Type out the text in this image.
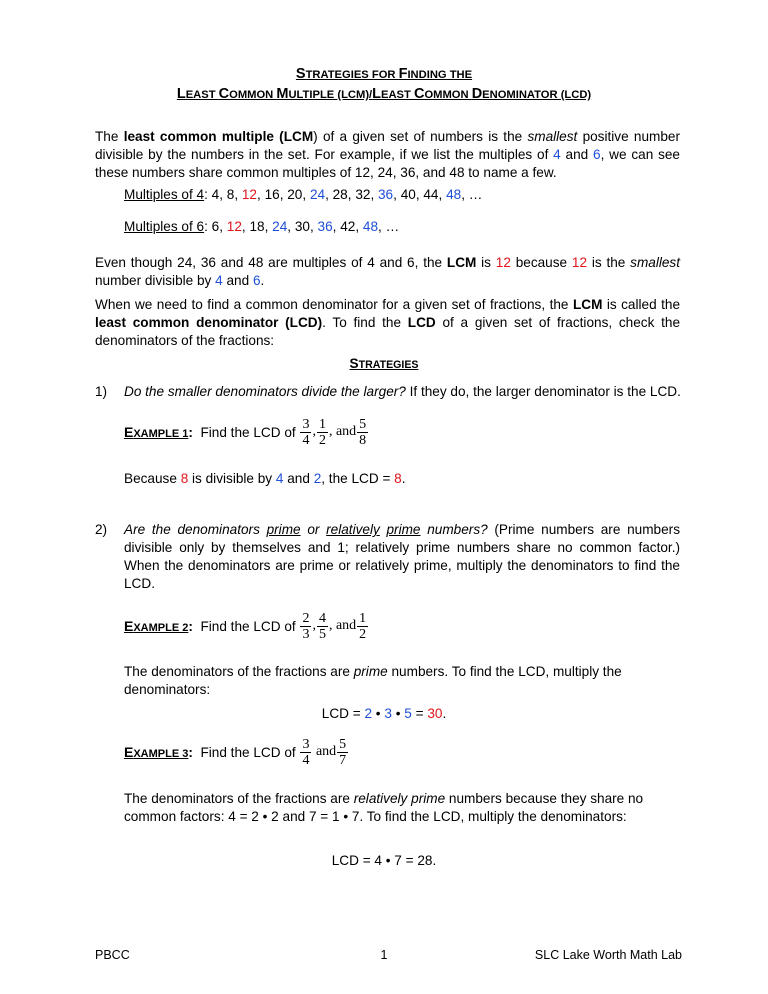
STRATEGIES FOR FINDING THE
LEAST COMMON MULTIPLE (LCM)/LEAST COMMON DENOMINATOR (LCD)
The least common multiple (LCM) of a given set of numbers is the smallest positive number divisible by the numbers in the set. For example, if we list the multiples of 4 and 6, we can see these numbers share common multiples of 12, 24, 36, and 48 to name a few.
Multiples of 4: 4, 8, 12, 16, 20, 24, 28, 32, 36, 40, 44, 48, …
Multiples of 6: 6, 12, 18, 24, 30, 36, 42, 48, …
Even though 24, 36 and 48 are multiples of 4 and 6, the LCM is 12 because 12 is the smallest number divisible by 4 and 6.
When we need to find a common denominator for a given set of fractions, the LCM is called the least common denominator (LCD). To find the LCD of a given set of fractions, check the denominators of the fractions:
STRATEGIES
1) Do the smaller denominators divide the larger? If they do, the larger denominator is the LCD.
EXAMPLE 1: Find the LCD of $\frac{3}{4}$ , $\frac{1}{2}$ , and $\frac{5}{8}$
Because 8 is divisible by 4 and 2, the LCD = 8.
2) Are the denominators prime or relatively prime numbers? (Prime numbers are numbers divisible only by themselves and 1; relatively prime numbers share no common factor.) When the denominators are prime or relatively prime, multiply the denominators to find the LCD.
EXAMPLE 2: Find the LCD of $\frac{2}{3}$ , $\frac{4}{5}$ , and $\frac{1}{2}$
The denominators of the fractions are prime numbers. To find the LCD, multiply the denominators:
LCD = 2 • 3 • 5 = 30.
EXAMPLE 3: Find the LCD of $\frac{3}{4}$
and $\frac{5}{7}$
The denominators of the fractions are relatively prime numbers because they share no common factors: 4 = 2 • 2 and 7 = 1 • 7. To find the LCD, multiply the denominators:
LCD = 4 • 7 = 28.
PBCC	1	SLC Lake Worth Math Lab
